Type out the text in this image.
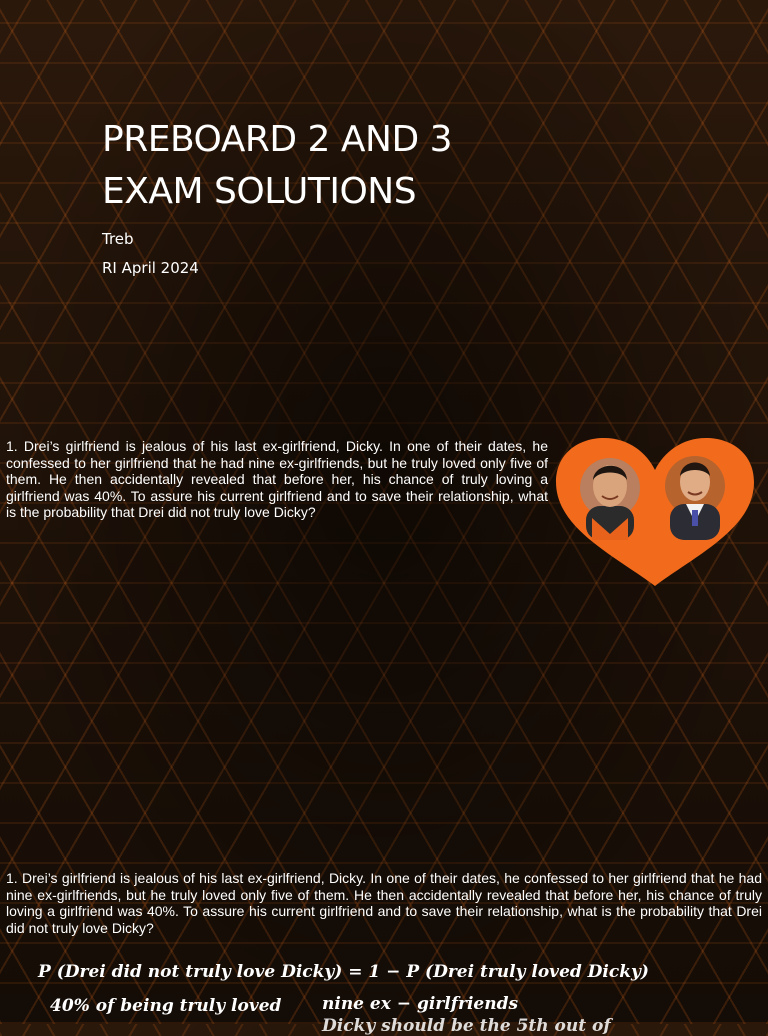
PREBOARD 2 AND 3
EXAM SOLUTIONS
Treb
RI April 2024

1. Drei’s girlfriend is jealous of his last ex-girlfriend, Dicky. In one of their dates, he confessed to her girlfriend that he had nine ex-girlfriends, but he truly loved only five of them. He then accidentally revealed that before her, his chance of truly loving a girlfriend was 40%. To assure his current girlfriend and to save their relationship, what is the probability that Drei did not truly love Dicky?

1. Drei’s girlfriend is jealous of his last ex-girlfriend, Dicky. In one of their dates, he confessed to her girlfriend that he had nine ex-girlfriends, but he truly loved only five of them. He then accidentally revealed that before her, his chance of truly loving a girlfriend was 40%. To assure his current girlfriend and to save their relationship, what is the probability that Drei did not truly love Dicky?

P (Drei did not truly love Dicky) = 1 − P (Drei truly loved Dicky)
40% of being truly loved nine ex − girlfriends
Dicky should be the 5th out of
